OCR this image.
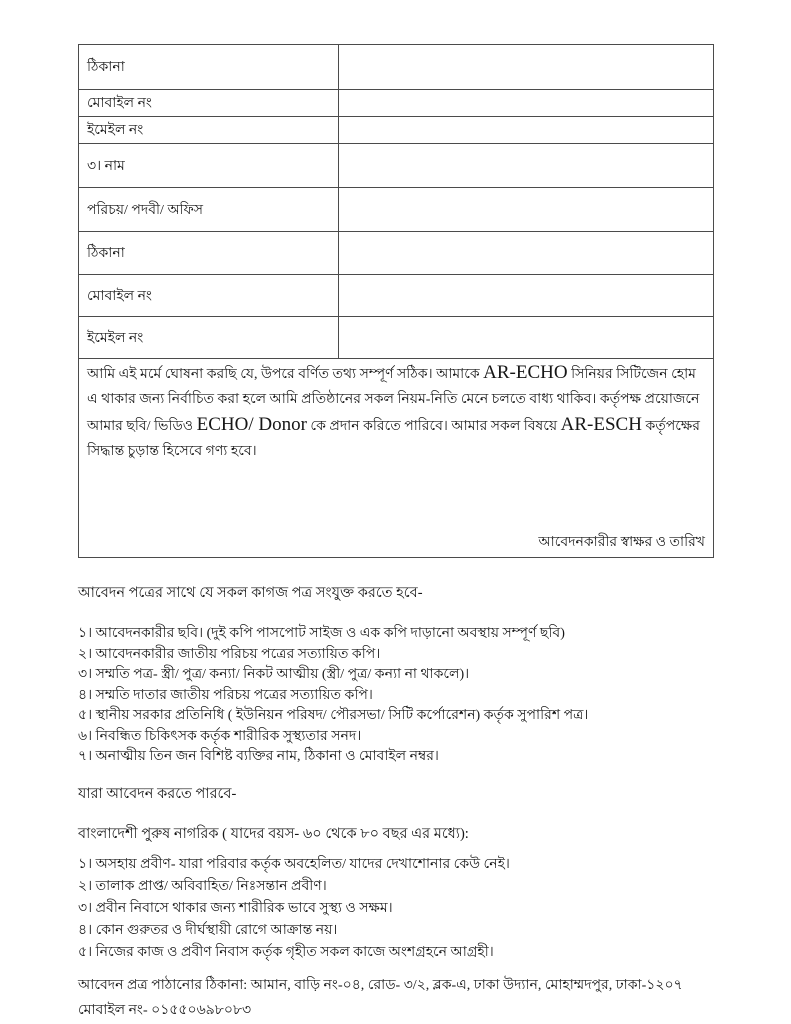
ঠিকানা	
মোবাইল নং	
ইমেইল নং	
৩। নাম	
পরিচয়/ পদবী/ অফিস	
ঠিকানা	
মোবাইল নং	
ইমেইল নং	

আমি এই মর্মে ঘোষনা করছি যে, উপরে বর্ণিত তথ্য সম্পূর্ণ সঠিক। আমাকে AR-ECHO সিনিয়র সিটিজেন হোম এ থাকার জন্য নির্বাচিত করা হলে আমি প্রতিষ্ঠানের সকল নিয়ম-নিতি মেনে চলতে বাধ্য থাকিব। কর্তৃপক্ষ প্রয়োজনে আমার ছবি/ ভিডিও ECHO/ Donor কে প্রদান করিতে পারিবে। আমার সকল বিষয়ে AR-ESCH কর্তৃপক্ষের সিদ্ধান্ত চুড়ান্ত হিসেবে গণ্য হবে।

আবেদনকারীর স্বাক্ষর ও তারিখ	
আবেদন পত্রের সাথে যে সকল কাগজ পত্র সংযুক্ত করতে হবে-
১। আবেদনকারীর ছবি। (দুই কপি পাসপোট সাইজ ও এক কপি দাড়ানো অবস্থায় সম্পূর্ণ ছবি)
২। আবেদনকারীর জাতীয় পরিচয় পত্রের সত্যায়িত কপি।
৩। সম্মতি পত্র- স্ত্রী/ পুত্র/ কন্যা/ নিকট আত্মীয় (স্ত্রী/ পুত্র/ কন্যা না থাকলে)।
৪। সম্মতি দাতার জাতীয় পরিচয় পত্রের সত্যায়িত কপি।
৫। স্থানীয় সরকার প্রতিনিধি ( ইউনিয়ন পরিষদ/ পৌরসভা/ সিটি কর্পোরেশন) কর্তৃক সুপারিশ পত্র।
৬। নিবন্ধিত চিকিৎসক কর্তৃক শারীরিক সুস্থ্যতার সনদ।
৭। অনাত্মীয় তিন জন বিশিষ্ট ব্যক্তির নাম, ঠিকানা ও মোবাইল নম্বর।
যারা আবেদন করতে পারবে-
বাংলাদেশী পুরুষ নাগরিক ( যাদের বয়স- ৬০ থেকে ৮০ বছর এর মধ্যে):
১। অসহায় প্রবীণ- যারা পরিবার কর্তৃক অবহেলিত/ যাদের দেখাশোনার কেউ নেই।
২। তালাক প্রাপ্ত/ অবিবাহিত/ নিঃসন্তান প্রবীণ।
৩। প্রবীন নিবাসে থাকার জন্য শারীরিক ভাবে সুস্থ্য ও সক্ষম।
৪। কোন গুরুতর ও দীর্ঘস্থায়ী রোগে আক্রান্ত নয়।
৫। নিজের কাজ ও প্রবীণ নিবাস কর্তৃক গৃহীত সকল কাজে অংশগ্রহনে আগ্রহী।
আবেদন প্রত্র পাঠানোর ঠিকানা: আমান, বাড়ি নং-০৪, রোড- ৩/২, ব্লক-এ, ঢাকা উদ্যান, মোহাম্মদপুর, ঢাকা-১২০৭
মোবাইল নং- ০১৫৫০৬৯৮০৮৩
